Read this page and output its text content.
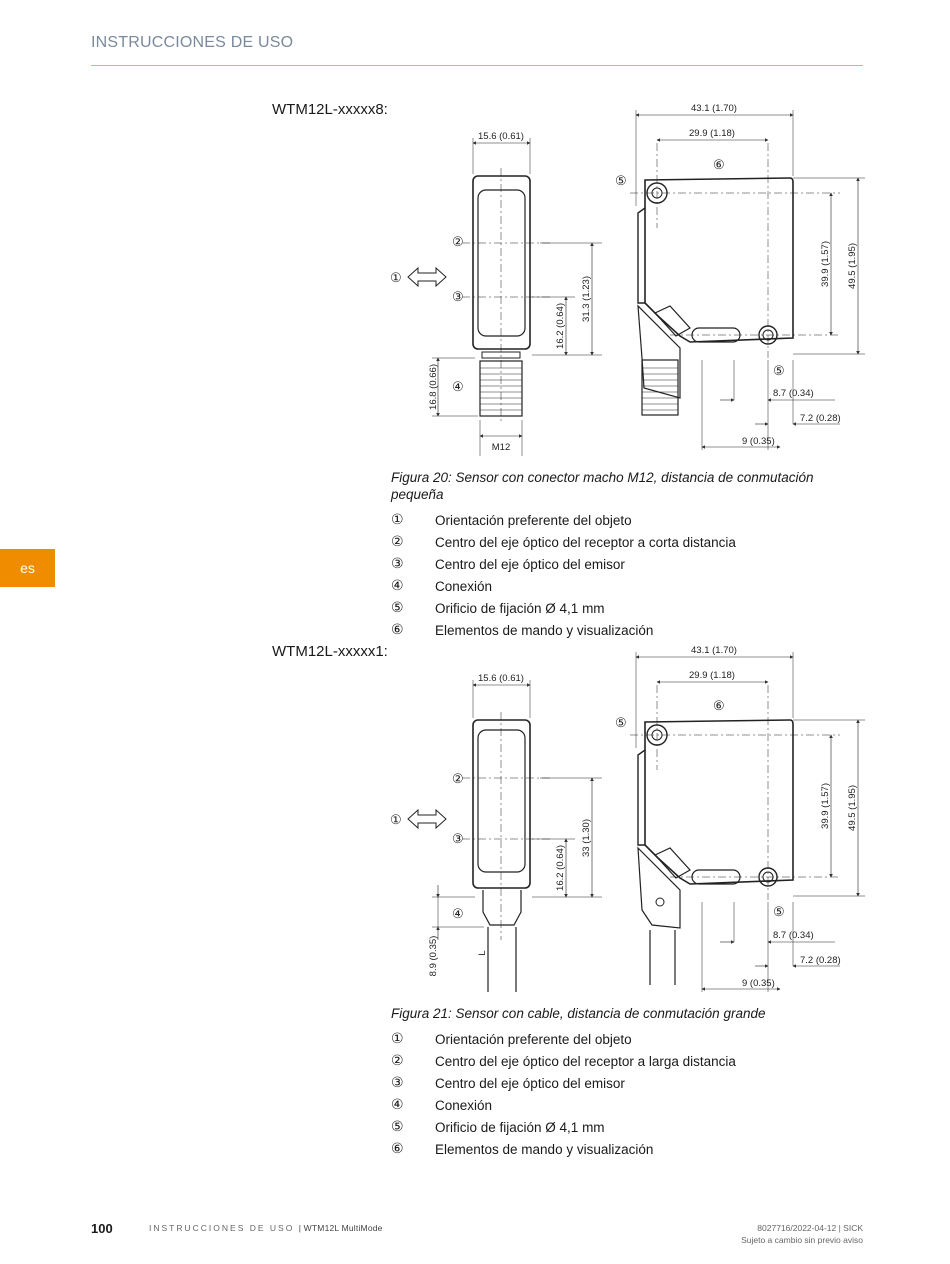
INSTRUCCIONES DE USO
es
WTM12L-xxxxx8:
15.6 (0.61)
43.1 (1.70)
29.9 (1.18)
31.3 (1.23)
16.2 (0.64)
16.8 (0.66)
M12
39.9 (1.57) 49.5 (1.95)
8.7 (0.34)
7.2 (0.28)
9 (0.35)
①
②
③
④
⑤
⑤
⑥
Figura 20: Sensor con conector macho M12, distancia de conmutación pequeña
①	Orientación preferente del objeto
②	Centro del eje óptico del receptor a corta distancia
③	Centro del eje óptico del emisor
④	Conexión
⑤	Orificio de fijación Ø 4,1 mm
⑥	Elementos de mando y visualización
WTM12L-xxxxx1:
15.6 (0.61)
43.1 (1.70)
29.9 (1.18)
33 (1.30)
16.2 (0.64)
8.9 (0.35)	L
39.9 (1.57) 49.5 (1.95)
8.7 (0.34)
7.2 (0.28)
9 (0.35)
①
②
③
④
⑤
⑤
⑥
Figura 21: Sensor con cable, distancia de conmutación grande
①	Orientación preferente del objeto
②	Centro del eje óptico del receptor a larga distancia
③	Centro del eje óptico del emisor
④	Conexión
⑤	Orificio de fijación Ø 4,1 mm
⑥	Elementos de mando y visualización
100	INSTRUCCIONES DE USO | WTM12L MultiMode	8027716/2022-04-12 | SICK
Sujeto a cambio sin previo aviso
